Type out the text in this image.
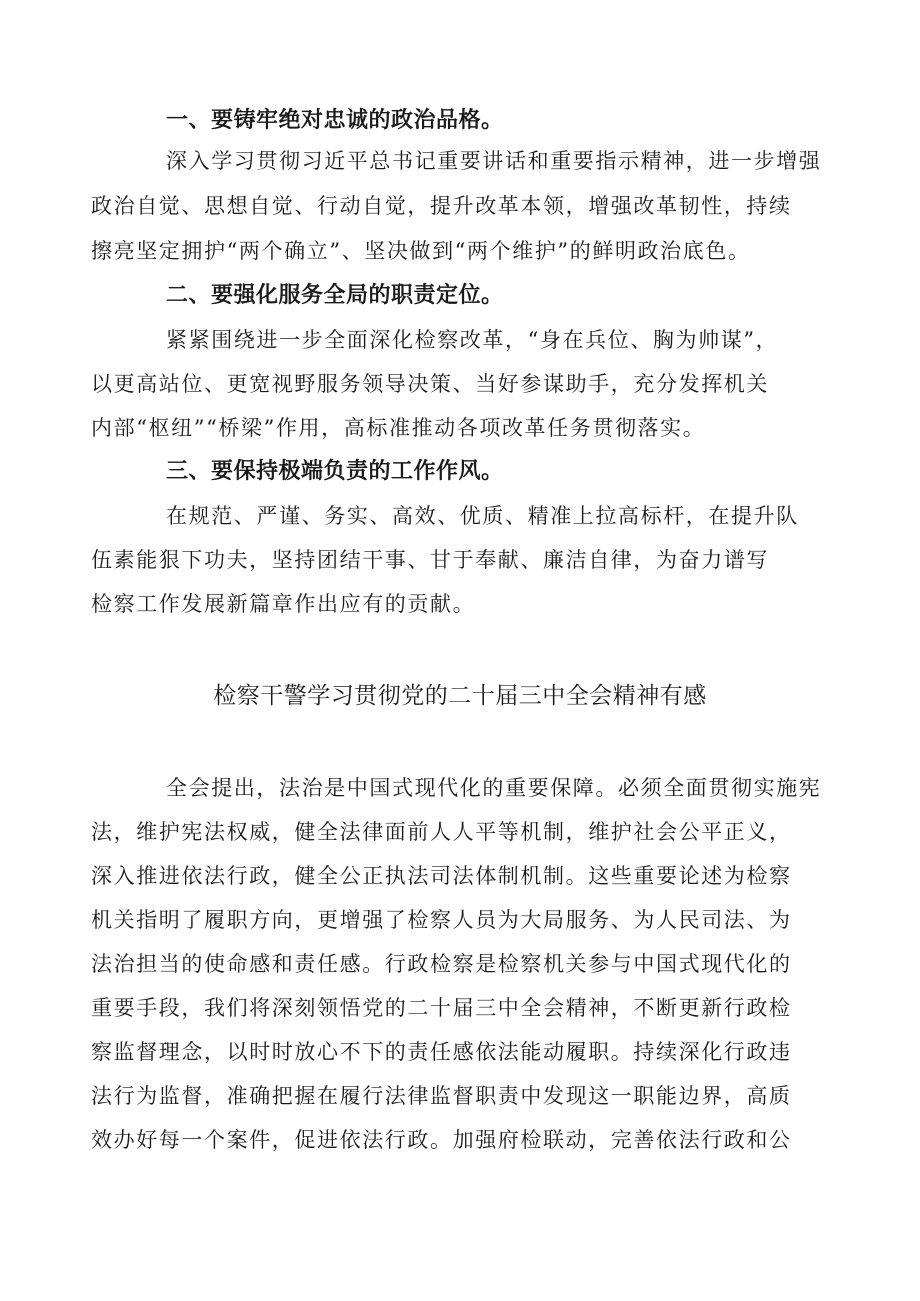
一、要铸牢绝对忠诚的政治品格。
深入学习贯彻习近平总书记重要讲话和重要指示精神，进一步增强
政治自觉、思想自觉、行动自觉，提升改革本领，增强改革韧性，持续
擦亮坚定拥护“两个确立”、坚决做到“两个维护”的鲜明政治底色。
二、要强化服务全局的职责定位。
紧紧围绕进一步全面深化检察改革，“身在兵位、胸为帅谋”，
以更高站位、更宽视野服务领导决策、当好参谋助手，充分发挥机关
内部“枢纽”“桥梁”作用，高标准推动各项改革任务贯彻落实。
三、要保持极端负责的工作作风。
在规范、严谨、务实、高效、优质、精准上拉高标杆，在提升队
伍素能狠下功夫，坚持团结干事、甘于奉献、廉洁自律，为奋力谱写
检察工作发展新篇章作出应有的贡献。
检察干警学习贯彻党的二十届三中全会精神有感
全会提出，法治是中国式现代化的重要保障。必须全面贯彻实施宪
法，维护宪法权威，健全法律面前人人平等机制，维护社会公平正义，
深入推进依法行政，健全公正执法司法体制机制。这些重要论述为检察
机关指明了履职方向，更增强了检察人员为大局服务、为人民司法、为
法治担当的使命感和责任感。行政检察是检察机关参与中国式现代化的
重要手段，我们将深刻领悟党的二十届三中全会精神，不断更新行政检
察监督理念，以时时放心不下的责任感依法能动履职。持续深化行政违
法行为监督，准确把握在履行法律监督职责中发现这一职能边界，高质
效办好每一个案件，促进依法行政。加强府检联动，完善依法行政和公
